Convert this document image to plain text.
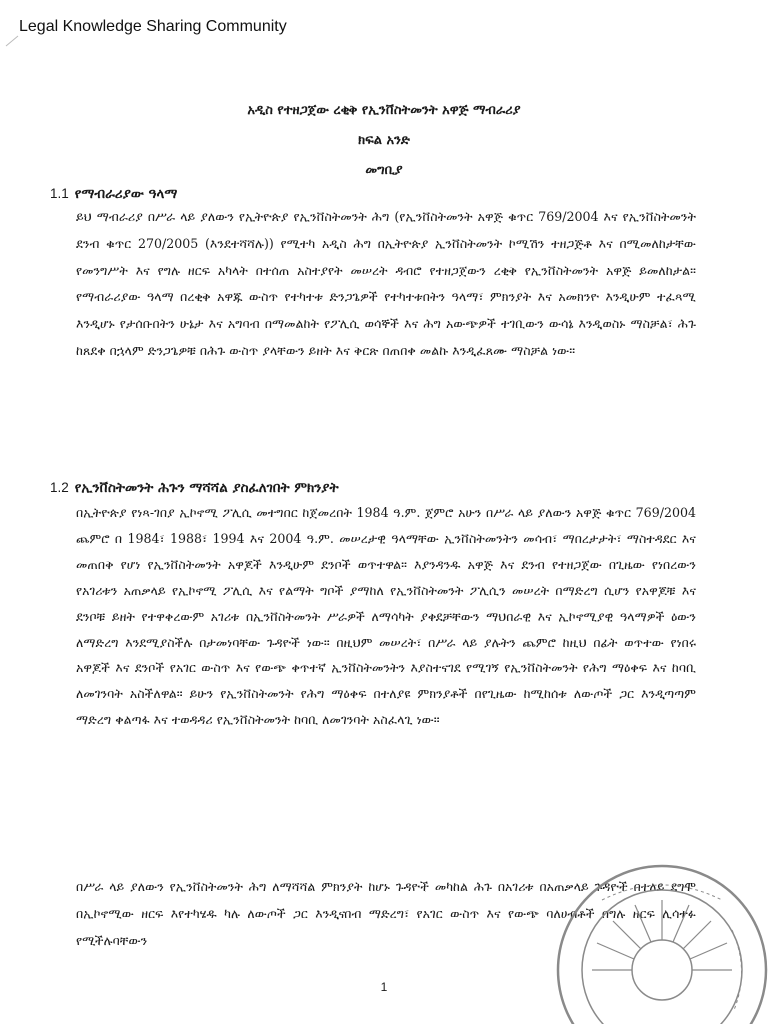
Legal Knowledge Sharing Community
አዲስ የተዘጋጀው ረቂቅ የኢንቨስትመንት አዋጅ ማብራሪያ
ክፍል አንድ
መግቢያ
1.1 የማብራሪያው ዓላማ
ይህ ማብራሪያ በሥራ ላይ ያለውን የኢትዮጵያ የኢንቨስትመንት ሕግ (የኢንቨስትመንት አዋጅ ቁጥር 769/2004 እና የኢንቨስትመንት ደንብ ቁጥር 270/2005 (እንደተሻሻሉ)) የሚተካ አዲስ ሕግ በኢትዮጵያ ኢንቨስትመንት ኮሚሽን ተዘጋጅቶ እና በሚመለከታቸው የመንግሥት እና የግሉ ዘርፍ አካላት በተሰጠ አስተያየት መሠረት ዳብሮ የተዘጋጀውን ረቂቅ የኢንቨስትመንት አዋጅ ይመለከታል። የማብራሪያው ዓላማ በረቂቅ አዋጁ ውስጥ የተካተቱ ድንጋጌዎች የተካተቱበትን ዓላማ፣ ምክንያት እና አመክንዮ እንዲሁም ተፈጻሚ እንዲሆኑ የታሰቡበትን ሁኔታ እና አግባብ በማመልከት የፖሊሲ ወሳኞች እና ሕግ አውጭዎች ተገቢውን ውሳኔ እንዲወስኑ ማስቻል፣ ሕጉ ከጸደቀ በኋላም ድንጋጌዎቹ በሕጉ ውስጥ ያላቸውን ይዘት እና ቅርጽ በጠበቀ መልኩ እንዲፈጸሙ ማስቻል ነው።
1.2 የኢንቨስትመንት ሕጉን ማሻሻል ያስፈለገበት ምክንያት
በኢትዮጵያ የነጻ-ገበያ ኢኮኖሚ ፖሊሲ መተግበር ከጀመረበት 1984 ዓ.ም. ጀምሮ አሁን በሥራ ላይ ያለውን አዋጅ ቁጥር 769/2004 ጨምሮ በ 1984፣ 1988፣ 1994 እና 2004 ዓ.ም. መሠረታዊ ዓላማቸው ኢንቨስትመንትን መሳብ፣ ማበረታታት፣ ማስተዳደር እና መጠበቅ የሆነ የኢንቨስትመንት አዋጆች እንዲሁም ደንቦች ወጥተዋል። እያንዳንዱ አዋጅ እና ደንብ የተዘጋጀው በጊዜው የነበረውን የአገሪቱን አጠቃላይ የኢኮኖሚ ፖሊሲ እና የልማት ግቦች ያማከለ የኢንቨስትመንት ፖሊሲን መሠረት በማድረግ ሲሆን የአዋጆቹ እና ደንቦቹ ይዘት የተዋቀረውም አገሪቱ በኢንቨስትመንት ሥራዎች ለማሳካት ያቀደቻቸውን ማህበራዊ እና ኢኮኖሚያዊ ዓላማዎች ዕውን ለማድረግ እንደሚያስችሉ በታመነባቸው ጉዳዮች ነው። በዚህም መሠረት፣ በሥራ ላይ ያሉትን ጨምሮ ከዚህ በፊት ወጥተው የነበሩ አዋጆች እና ደንቦች የአገር ውስጥ እና የውጭ ቀጥተኛ ኢንቨስትመንትን እያስተናገደ የሚገኝ የኢንቨስትመንት የሕግ ማዕቀፍ እና ከባቢ ለመገንባት አስችለዋል። ይሁን የኢንቨስትመንት የሕግ ማዕቀፍ በተለያዩ ምክንያቶች በየጊዜው ከሚከሰቱ ለውጦች ጋር እንዲጣጣም ማድረግ ቀልጣፋ እና ተወዳዳሪ የኢንቨስትመንት ከባቢ ለመገንባት አስፈላጊ ነው።
በሥራ ላይ ያለውን የኢንቨስትመንት ሕግ ለማሻሻል ምክንያት ከሆኑ ጉዳዮች መካከል ሕጉ በአገሪቱ በአጠቃላይ ጉዳዮች በተለይ ደግሞ በኢኮኖሚው ዘርፍ እየተካሄዱ ካሉ ለውጦች ጋር እንዲናበብ ማድረግ፣ የአገር ውስጥ እና የውጭ ባለሀብቶች በግሉ ዘርፍ ሊሳተፉ የሚችሉባቸውን
1
